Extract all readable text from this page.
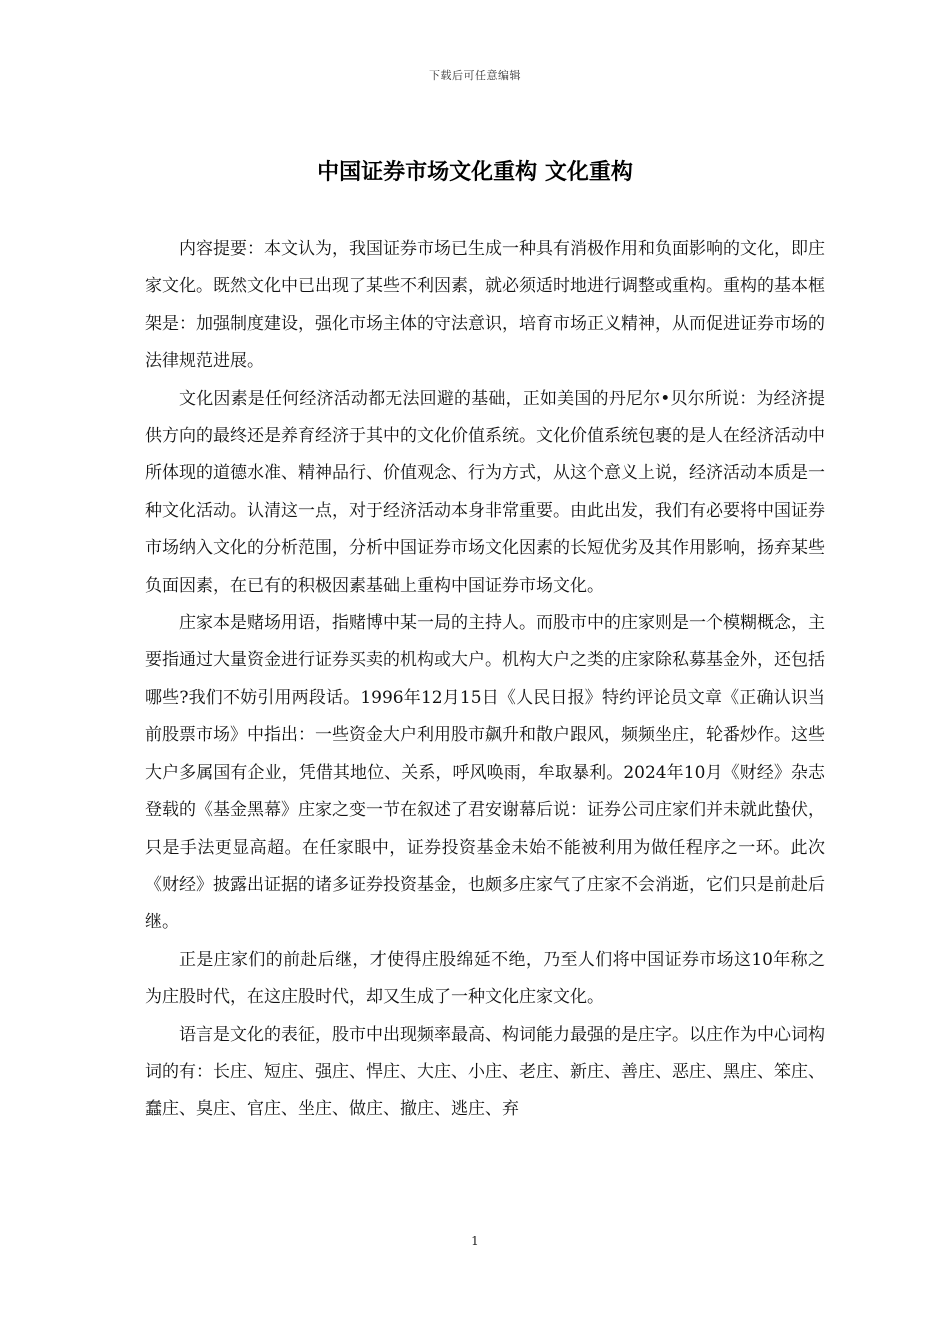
下载后可任意编辑
中国证券市场文化重构 文化重构

内容提要：本文认为，我国证券市场已生成一种具有消极作用和负面影响的文化，即庄家文化。既然文化中已出现了某些不利因素，就必须适时地进行调整或重构。重构的基本框架是：加强制度建设，强化市场主体的守法意识，培育市场正义精神，从而促进证券市场的法律规范进展。

文化因素是任何经济活动都无法回避的基础，正如美国的丹尼尔•贝尔所说：为经济提供方向的最终还是养育经济于其中的文化价值系统。文化价值系统包裹的是人在经济活动中所体现的道德水准、精神品行、价值观念、行为方式，从这个意义上说，经济活动本质是一种文化活动。认清这一点，对于经济活动本身非常重要。由此出发，我们有必要将中国证券市场纳入文化的分析范围，分析中国证券市场文化因素的长短优劣及其作用影响，扬弃某些负面因素，在已有的积极因素基础上重构中国证券市场文化。

庄家本是赌场用语，指赌博中某一局的主持人。而股市中的庄家则是一个模糊概念，主要指通过大量资金进行证券买卖的机构或大户。机构大户之类的庄家除私募基金外，还包括哪些?我们不妨引用两段话。1996年12月15日《人民日报》特约评论员文章《正确认识当前股票市场》中指出：一些资金大户利用股市飙升和散户跟风，频频坐庄，轮番炒作。这些大户多属国有企业，凭借其地位、关系，呼风唤雨，牟取暴利。2024年10月《财经》杂志登载的《基金黑幕》庄家之变一节在叙述了君安谢幕后说：证券公司庄家们并未就此蛰伏，只是手法更显高超。在任家眼中，证券投资基金未始不能被利用为做任程序之一环。此次《财经》披露出证据的诸多证券投资基金，也颇多庄家气了庄家不会消逝，它们只是前赴后继。

正是庄家们的前赴后继，才使得庄股绵延不绝，乃至人们将中国证券市场这10年称之为庄股时代，在这庄股时代，却又生成了一种文化庄家文化。

语言是文化的表征，股市中出现频率最高、构词能力最强的是庄字。以庄作为中心词构词的有：长庄、短庄、强庄、悍庄、大庄、小庄、老庄、新庄、善庄、恶庄、黑庄、笨庄、蠢庄、臭庄、官庄、坐庄、做庄、撤庄、逃庄、弃

1
